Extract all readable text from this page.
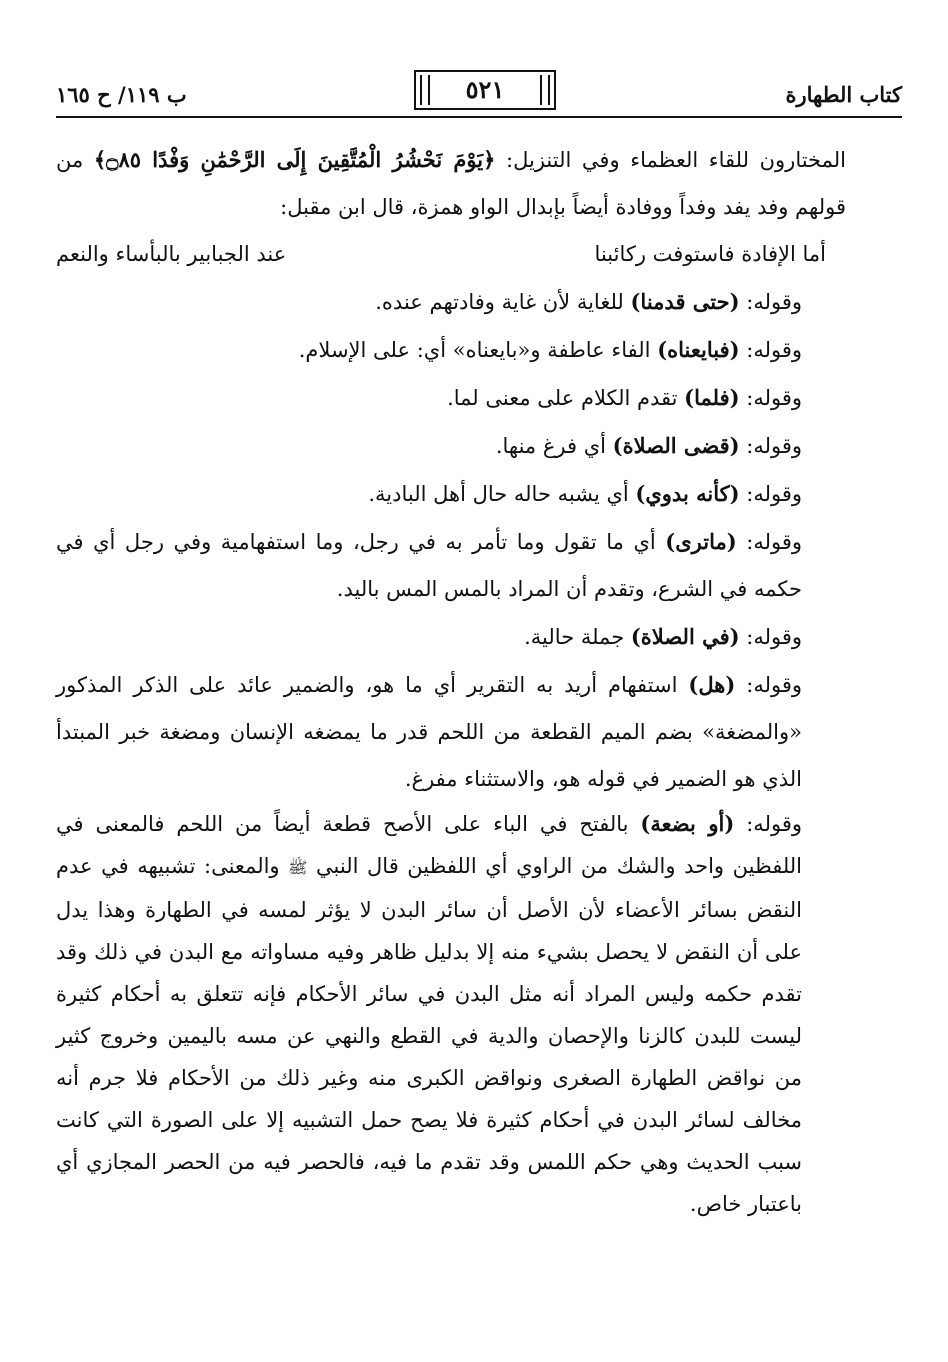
كتاب الطهارة
٥٢١
ب ١١٩/ ح ١٦٥

المختارون للقاء العظماء وفي التنزيل: ﴿يَوْمَ نَحْشُرُ الْمُتَّقِينَ إِلَى الرَّحْمَٰنِ وَفْدًا ۝٨٥﴾ من قولهم وفد يفد وفداً ووفادة أيضاً بإبدال الواو همزة، قال ابن مقبل:

أما الإفادة فاستوفت ركائبنا
عند الجبابير بالبأساء والنعم

وقوله: (حتى قدمنا) للغاية لأن غاية وفادتهم عنده.

وقوله: (فبايعناه) الفاء عاطفة و«بايعناه» أي: على الإسلام.

وقوله: (فلما) تقدم الكلام على معنى لما.

وقوله: (قضى الصلاة) أي فرغ منها.

وقوله: (كأنه بدوي) أي يشبه حاله حال أهل البادية.

وقوله: (ماترى) أي ما تقول وما تأمر به في رجل، وما استفهامية وفي رجل أي في حكمه في الشرع، وتقدم أن المراد بالمس المس باليد.

وقوله: (في الصلاة) جملة حالية.

وقوله: (هل) استفهام أريد به التقرير أي ما هو، والضمير عائد على الذكر المذكور «والمضغة» بضم الميم القطعة من اللحم قدر ما يمضغه الإنسان ومضغة خبر المبتدأ الذي هو الضمير في قوله هو، والاستثناء مفرغ.

وقوله: (أو بضعة) بالفتح في الباء على الأصح قطعة أيضاً من اللحم فالمعنى في اللفظين واحد والشك من الراوي أي اللفظين قال النبي ﷺ والمعنى: تشبيهه في عدم النقض بسائر الأعضاء لأن الأصل أن سائر البدن لا يؤثر لمسه في الطهارة وهذا يدل على أن النقض لا يحصل بشيء منه إلا بدليل ظاهر وفيه مساواته مع البدن في ذلك وقد تقدم حكمه وليس المراد أنه مثل البدن في سائر الأحكام فإنه تتعلق به أحكام كثيرة ليست للبدن كالزنا والإحصان والدية في القطع والنهي عن مسه باليمين وخروج كثير من نواقض الطهارة الصغرى ونواقض الكبرى منه وغير ذلك من الأحكام فلا جرم أنه مخالف لسائر البدن في أحكام كثيرة فلا يصح حمل التشبيه إلا على الصورة التي كانت سبب الحديث وهي حكم اللمس وقد تقدم ما فيه، فالحصر فيه من الحصر المجازي أي باعتبار خاص.
